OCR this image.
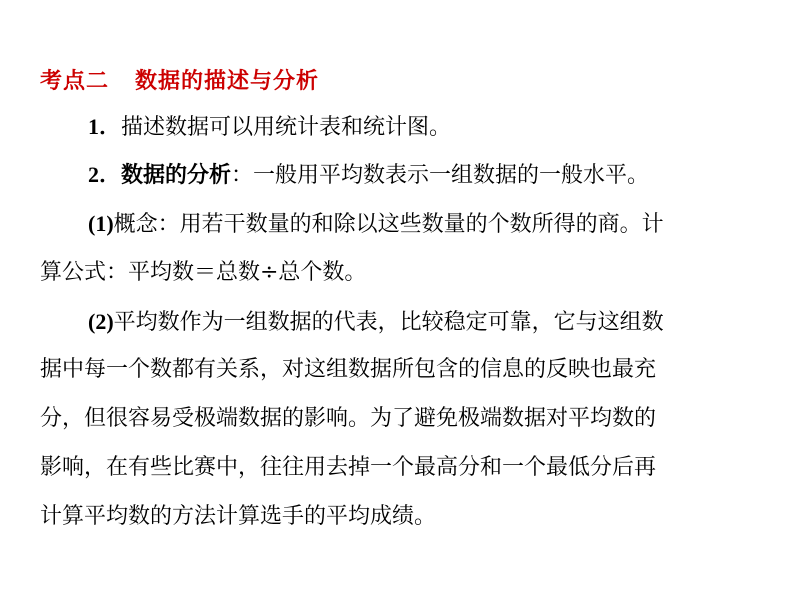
考点二 数据的描述与分析
1．描述数据可以用统计表和统计图。
2．数据的分析：一般用平均数表示一组数据的一般水平。
(1)概念：用若干数量的和除以这些数量的个数所得的商。计
算公式：平均数＝总数÷总个数。
(2)平均数作为一组数据的代表，比较稳定可靠，它与这组数
据中每一个数都有关系，对这组数据所包含的信息的反映也最充
分，但很容易受极端数据的影响。为了避免极端数据对平均数的
影响，在有些比赛中，往往用去掉一个最高分和一个最低分后再
计算平均数的方法计算选手的平均成绩。
